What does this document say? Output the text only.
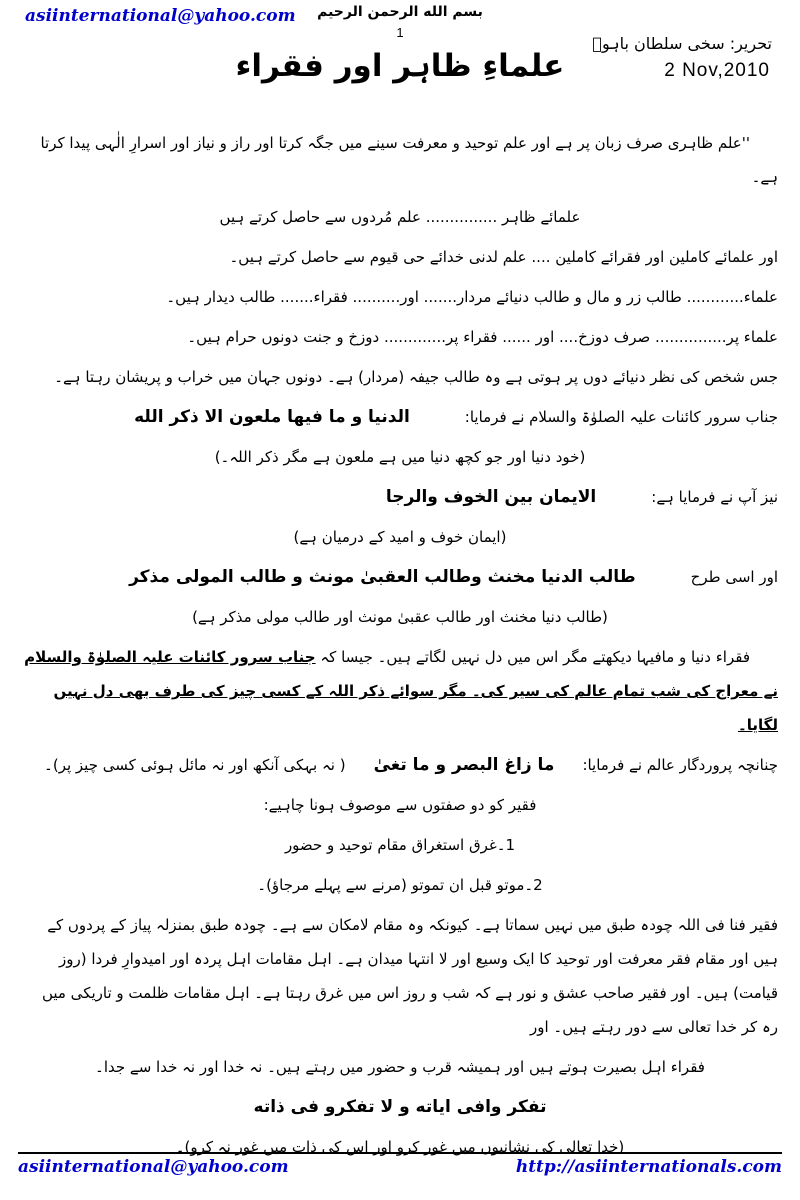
asiinternational@yahoo.com	بسم الله الرحمن الرحيم
1
تحریر: سخی سلطان باہوؒ
2 Nov,2010
علماءِ ظاہر اور فقراء
''علم ظاہری صرف زبان پر ہے اور علم توحید و معرفت سینے میں جگہ کرتا اور راز و نیاز اور اسرارِ الٰہی پیدا کرتا ہے۔
علمائے ظاہر ............... علم مُردوں سے حاصل کرتے ہیں
اور علمائے کاملین اور فقرائے کاملین .... علم لدنی خدائے حی قیوم سے حاصل کرتے ہیں۔
علماء............ طالب زر و مال و طالب دنیائے مردار....... اور.......... فقراء....... طالب دیدار ہیں۔
علماء پر............... صرف دوزخ.... اور ...... فقراء پر............. دوزخ و جنت دونوں حرام ہیں۔
جس شخص کی نظر دنیائے دوں پر ہوتی ہے وہ طالب جیفہ (مردار) ہے۔ دونوں جہان میں خراب و پریشان رہتا ہے۔
جناب سرور کائنات علیہ الصلوٰۃ والسلام نے فرمایا:الدنيا و ما فيها ملعون الا ذكر الله
(خود دنیا اور جو کچھ دنیا میں ہے ملعون ہے مگر ذکر اللہ۔)
نیز آپ نے فرمایا ہے:الايمان بين الخوف والرجا
(ایمان خوف و امید کے درمیان ہے)
اور اسی طرحطالب الدنيا مخنث وطالب العقبىٰ مونث و طالب المولى مذكر
(طالب دنیا مخنث اور طالب عقبیٰ مونث اور طالب مولی مذکر ہے)
فقراء دنیا و مافیہا دیکھتے مگر اس میں دل نہیں لگاتے ہیں۔ جیسا کہ جناب سرور کائنات علیہ الصلوٰۃ والسلام نے معراج کی شب تمام عالم کی سیر کی۔ مگر سوائے ذکر اللہ کے کسی چیز کی طرف بھی دل نہیں لگایا۔
چنانچہ پروردگار عالم نے فرمایا:ما زاغ البصر و ما تغیٰ( نہ بہکی آنکھ اور نہ مائل ہوئی کسی چیز پر)۔
فقیر کو دو صفتوں سے موصوف ہونا چاہیے:
1۔غرق استغراق مقام توحید و حضور
2۔موتو قبل ان تموتو (مرنے سے پہلے مرجاؤ)۔
فقیر فنا فی اللہ چودہ طبق میں نہیں سماتا ہے۔ کیونکہ وہ مقام لامکان سے ہے۔ چودہ طبق بمنزلہ پیاز کے پردوں کے ہیں اور مقام فقر معرفت اور توحید کا ایک وسیع اور لا انتہا میدان ہے۔ اہل مقامات اہل پردہ اور امیدوارِ فردا (روز قیامت) ہیں۔ اور فقیر صاحب عشق و نور ہے کہ شب و روز اس میں غرق رہتا ہے۔ اہل مقامات ظلمت و تاریکی میں رہ کر خدا تعالی سے دور رہتے ہیں۔ اور
فقراء اہل بصیرت ہوتے ہیں اور ہمیشہ قرب و حضور میں رہتے ہیں۔ نہ خدا اور نہ خدا سے جدا۔
تفكر وافی ایاته و لا تفكرو فی ذاته
(خدا تعالی کی نشانیوں میں غور کرو اور اس کی ذات میں غور نہ کرو)۔
asiinternational@yahoo.com	http://asiinternationals.com
